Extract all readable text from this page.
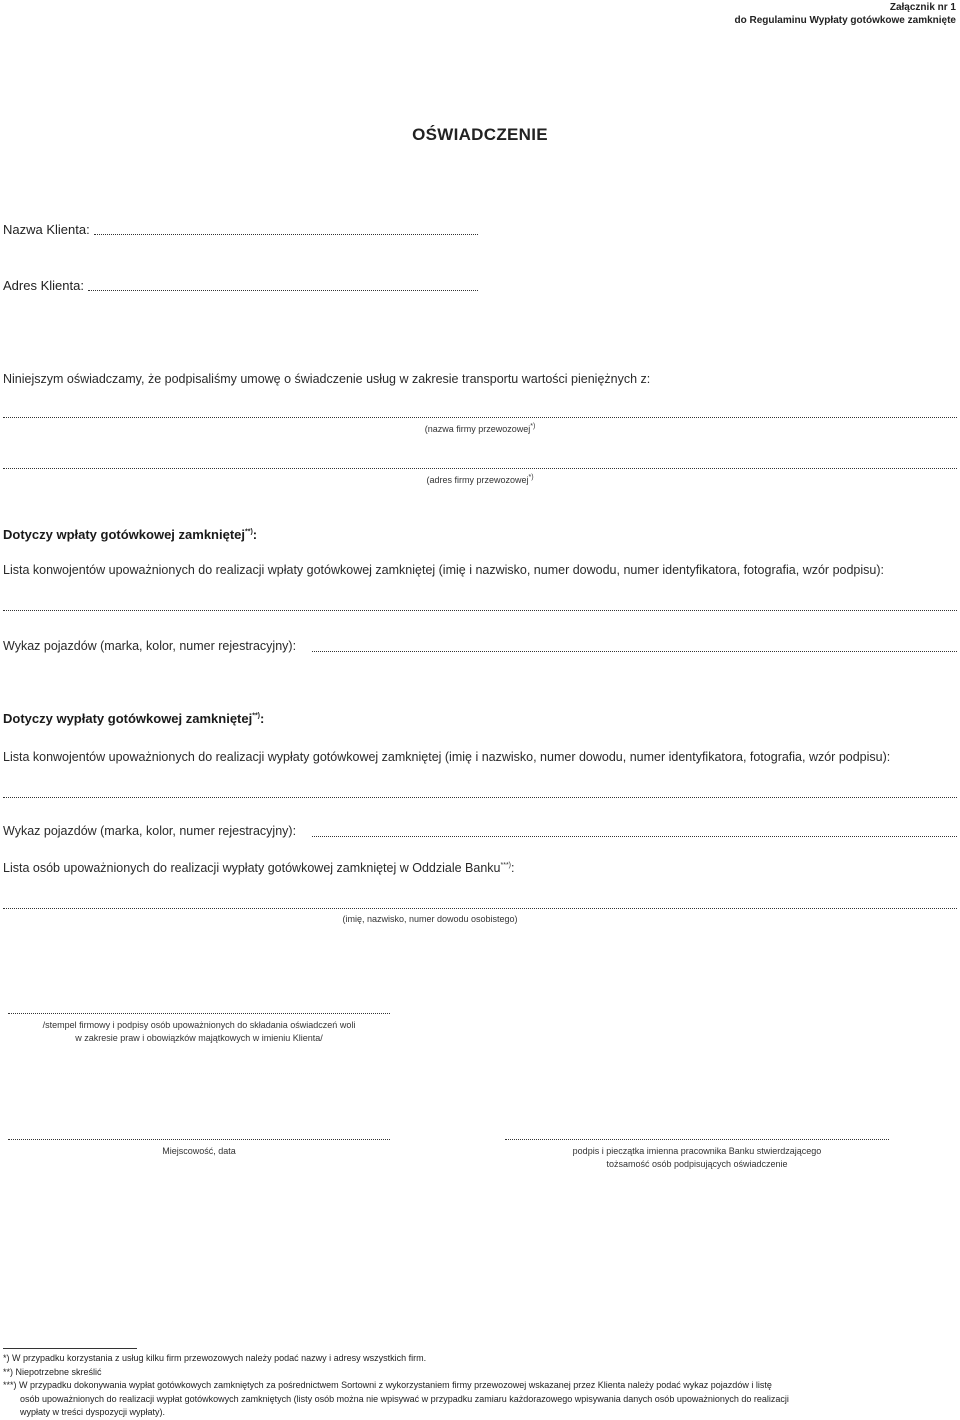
Załącznik nr 1
do Regulaminu Wypłaty gotówkowe zamknięte
OŚWIADCZENIE
Nazwa Klienta:
Adres Klienta:
Niniejszym oświadczamy, że podpisaliśmy umowę o świadczenie usług w zakresie transportu wartości pieniężnych z:
(nazwa firmy przewozowej*)
(adres firmy przewozowej*)
Dotyczy wpłaty gotówkowej zamkniętej**):
Lista konwojentów upoważnionych do realizacji wpłaty gotówkowej zamkniętej (imię i nazwisko, numer dowodu, numer identyfikatora, fotografia, wzór podpisu):
Wykaz pojazdów (marka, kolor, numer rejestracyjny):
Dotyczy wypłaty gotówkowej zamkniętej**):
Lista konwojentów upoważnionych do realizacji wypłaty gotówkowej zamkniętej (imię i nazwisko, numer dowodu, numer identyfikatora, fotografia, wzór podpisu):
Wykaz pojazdów (marka, kolor, numer rejestracyjny):
Lista osób upoważnionych do realizacji wypłaty gotówkowej zamkniętej w Oddziale Banku***):
(imię, nazwisko, numer dowodu osobistego)
/stempel firmowy i podpisy osób upoważnionych do składania oświadczeń woli
w zakresie praw i obowiązków majątkowych w imieniu Klienta/
Miejscowość, data	podpis i pieczątka imienna pracownika Banku stwierdzającego
tożsamość osób podpisujących oświadczenie
*) W przypadku korzystania z usług kilku firm przewozowych należy podać nazwy i adresy wszystkich firm.
**) Niepotrzebne skreślić
***) W przypadku dokonywania wypłat gotówkowych zamkniętych za pośrednictwem Sortowni z wykorzystaniem firmy przewozowej wskazanej przez Klienta należy podać wykaz pojazdów i listę
osób upoważnionych do realizacji wypłat gotówkowych zamkniętych (listy osób można nie wpisywać w przypadku zamiaru każdorazowego wpisywania danych osób upoważnionych do realizacji
wypłaty w treści dyspozycji wypłaty).
